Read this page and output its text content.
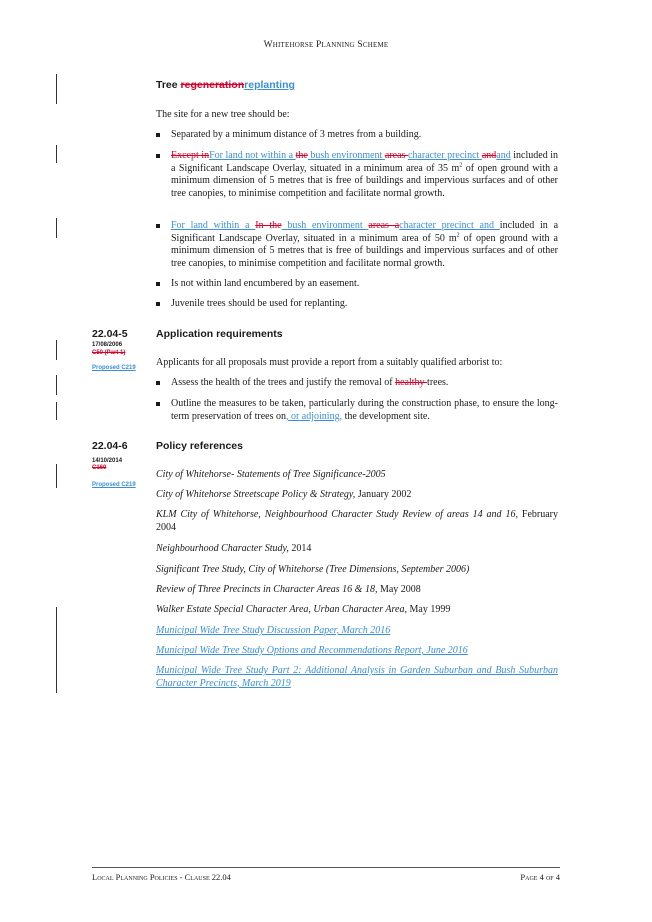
Whitehorse Planning Scheme
Tree regenerationreplanting
The site for a new tree should be:
Separated by a minimum distance of 3 metres from a building.
Except inFor land not within a the bush environment areas character precinct andand included in a Significant Landscape Overlay, situated in a minimum area of 35 $m^2$ of open ground with a minimum dimension of 5 metres that is free of buildings and impervious surfaces and of other tree canopies, to minimise competition and facilitate normal growth.
For land within a In the bush environment areas acharacter precinct and included in a Significant Landscape Overlay, situated in a minimum area of 50 $m^2$ of open ground with a minimum dimension of 5 metres that is free of buildings and impervious surfaces and of other tree canopies, to minimise competition and facilitate normal growth.
Is not within land encumbered by an easement.
Juvenile trees should be used for replanting.
22.04-5
17/08/2006
C50 (Part 1)
Proposed C219
Application requirements
Applicants for all proposals must provide a report from a suitably qualified arborist to:
Assess the health of the trees and justify the removal of healthy trees.
Outline the measures to be taken, particularly during the construction phase, to ensure the long-term preservation of trees on, or adjoining, the development site.
22.04-6
14/10/2014
C160
Proposed C219
Policy references
City of Whitehorse- Statements of Tree Significance-2005
City of Whitehorse Streetscape Policy & Strategy, January 2002
KLM City of Whitehorse, Neighbourhood Character Study Review of areas 14 and 16, February 2004
Neighbourhood Character Study, 2014
Significant Tree Study, City of Whitehorse (Tree Dimensions, September 2006)
Review of Three Precincts in Character Areas 16 & 18, May 2008
Walker Estate Special Character Area, Urban Character Area, May 1999
Municipal Wide Tree Study Discussion Paper, March 2016
Municipal Wide Tree Study Options and Recommendations Report, June 2016
Municipal Wide Tree Study Part 2: Additional Analysis in Garden Suburban and Bush Suburban Character Precincts, March 2019
Local Planning Policies - Clause 22.04	Page 4 of 4
